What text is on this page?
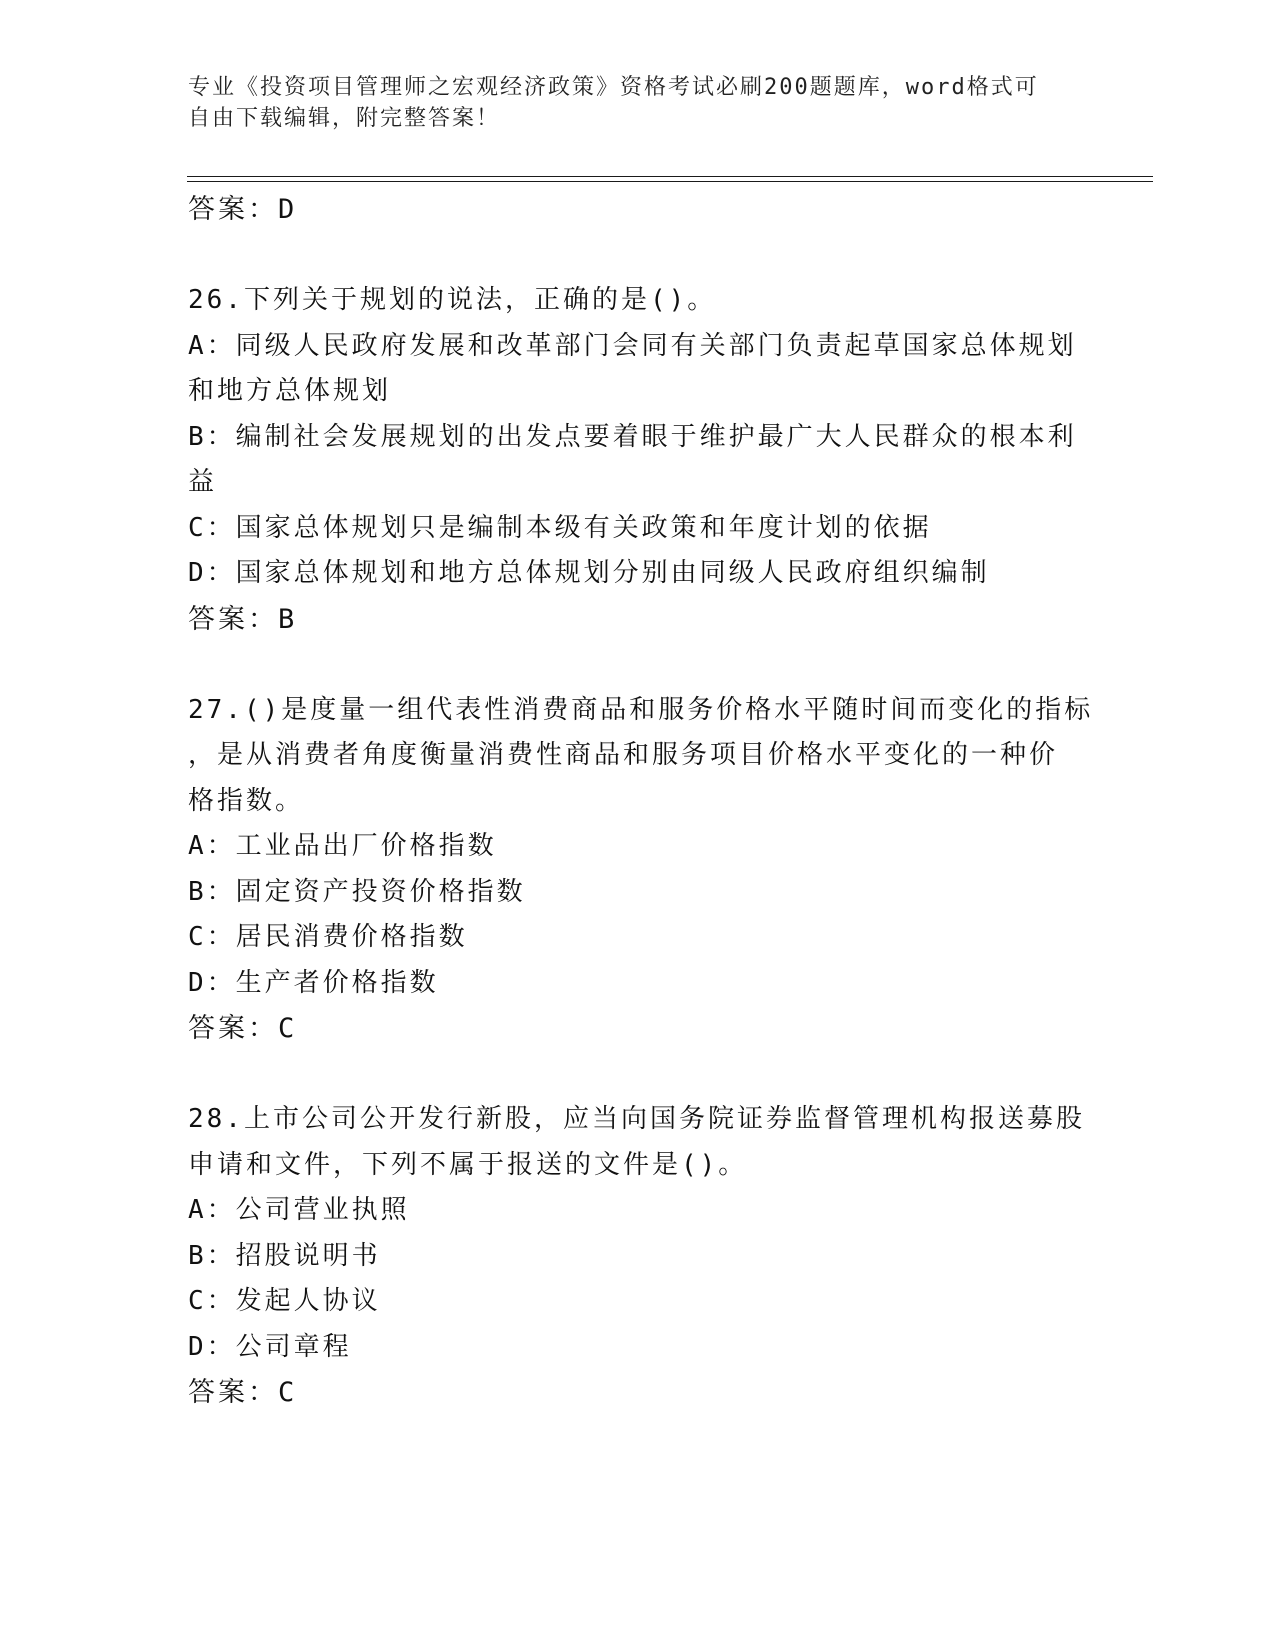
专业《投资项目管理师之宏观经济政策》资格考试必刷200题题库，word格式可
自由下载编辑，附完整答案！
答案：D
26.下列关于规划的说法，正确的是()。
A：同级人民政府发展和改革部门会同有关部门负责起草国家总体规划
和地方总体规划
B：编制社会发展规划的出发点要着眼于维护最广大人民群众的根本利
益
C：国家总体规划只是编制本级有关政策和年度计划的依据
D：国家总体规划和地方总体规划分别由同级人民政府组织编制
答案：B
27.()是度量一组代表性消费商品和服务价格水平随时间而变化的指标
，是从消费者角度衡量消费性商品和服务项目价格水平变化的一种价
格指数。
A：工业品出厂价格指数
B：固定资产投资价格指数
C：居民消费价格指数
D：生产者价格指数
答案：C
28.上市公司公开发行新股，应当向国务院证券监督管理机构报送募股
申请和文件，下列不属于报送的文件是()。
A：公司营业执照
B：招股说明书
C：发起人协议
D：公司章程
答案：C
